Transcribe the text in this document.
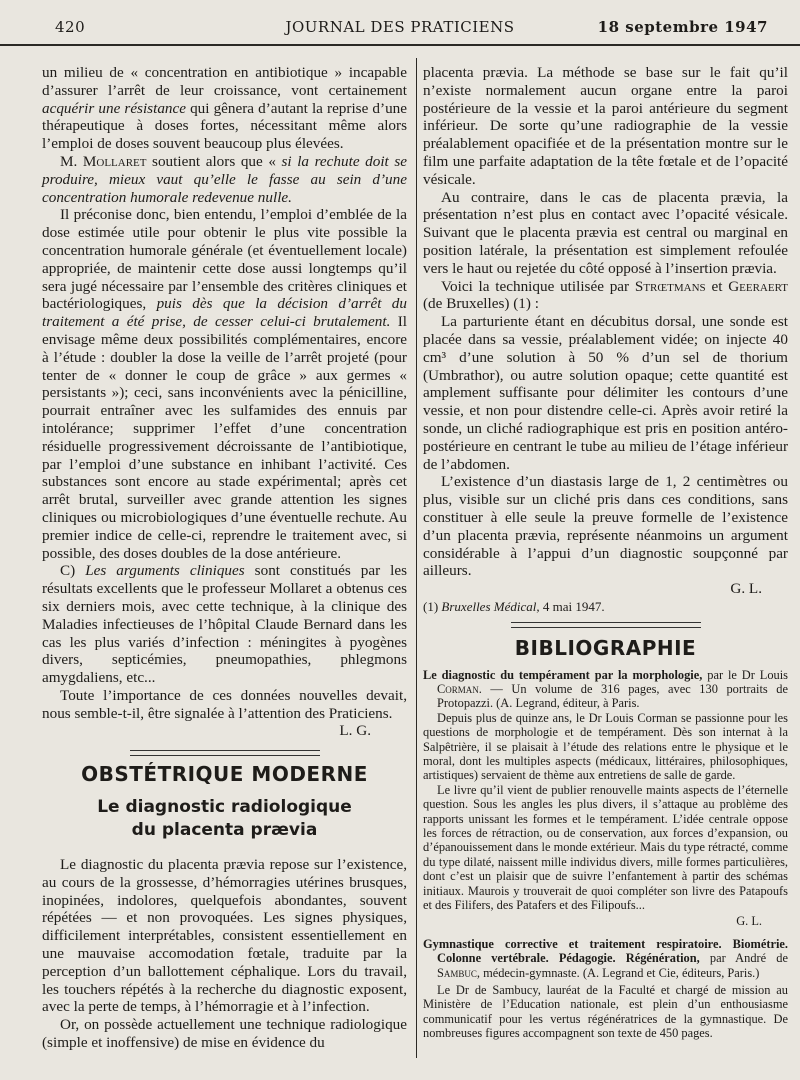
420	JOURNAL DES PRATICIENS	18 septembre 1947

un milieu de « concentration en antibiotique » incapable d’assurer l’arrêt de leur croissance, vont certainement acquérir une résistance qui gênera d’autant la reprise d’une thérapeutique à doses fortes, nécessitant même alors l’emploi de doses souvent beaucoup plus élevées.

M. Mollaret soutient alors que « si la rechute doit se produire, mieux vaut qu’elle le fasse au sein d’une concentration humorale redevenue nulle.

Il préconise donc, bien entendu, l’emploi d’emblée de la dose estimée utile pour obtenir le plus vite possible la concentration humorale générale (et éventuellement locale) appropriée, de maintenir cette dose aussi longtemps qu’il sera jugé nécessaire par l’ensemble des critères cliniques et bactériologiques, puis dès que la décision d’arrêt du traitement a été prise, de cesser celui-ci brutalement. Il envisage même deux possibilités complémentaires, encore à l’étude : doubler la dose la veille de l’arrêt projeté (pour tenter de « donner le coup de grâce » aux germes « persistants »); ceci, sans inconvénients avec la pénicilline, pourrait entraîner avec les sulfamides des ennuis par intolérance; supprimer l’effet d’une concentration résiduelle progressivement décroissante de l’antibiotique, par l’emploi d’une substance en inhibant l’activité. Ces substances sont encore au stade expérimental; après cet arrêt brutal, surveiller avec grande attention les signes cliniques ou microbiologiques d’une éventuelle rechute. Au premier indice de celle-ci, reprendre le traitement avec, si possible, des doses doubles de la dose antérieure.

C) Les arguments cliniques sont constitués par les résultats excellents que le professeur Mollaret a obtenus ces six derniers mois, avec cette technique, à la clinique des Maladies infectieuses de l’hôpital Claude Bernard dans les cas les plus variés d’infection : méningites à pyogènes divers, septicémies, pneumopathies, phlegmons amygdaliens, etc...

Toute l’importance de ces données nouvelles devait, nous semble-t-il, être signalée à l’attention des Praticiens.

L. G.

OBSTÉTRIQUE MODERNE
Le diagnostic radiologique
du placenta prævia

Le diagnostic du placenta prævia repose sur l’existence, au cours de la grossesse, d’hémorragies utérines brusques, inopinées, indolores, quelquefois abondantes, souvent répétées — et non provoquées. Les signes physiques, difficilement interprétables, consistent essentiellement en une mauvaise accomodation fœtale, traduite par la perception d’un ballottement céphalique. Lors du travail, les touchers répétés à la recherche du diagnostic exposent, avec la perte de temps, à l’hémorragie et à l’infection.

Or, on possède actuellement une technique radiologique (simple et inoffensive) de mise en évidence du

placenta prævia. La méthode se base sur le fait qu’il n’existe normalement aucun organe entre la paroi postérieure de la vessie et la paroi antérieure du segment inférieur. De sorte qu’une radiographie de la vessie préalablement opacifiée et de la présentation montre sur le film une parfaite adaptation de la tête fœtale et de l’opacité vésicale.

Au contraire, dans le cas de placenta prævia, la présentation n’est plus en contact avec l’opacité vésicale. Suivant que le placenta prævia est central ou marginal en position latérale, la présentation est simplement refoulée vers le haut ou rejetée du côté opposé à l’insertion prævia.

Voici la technique utilisée par Strœtmans et Geeraert (de Bruxelles) (1) :

La parturiente étant en décubitus dorsal, une sonde est placée dans sa vessie, préalablement vidée; on injecte 40 cm³ d’une solution à 50 % d’un sel de thorium (Umbrathor), ou autre solution opaque; cette quantité est amplement suffisante pour délimiter les contours d’une vessie, et non pour distendre celle-ci. Après avoir retiré la sonde, un cliché radiographique est pris en position antéro-postérieure en centrant le tube au milieu de l’étage inférieur de l’abdomen.

L’existence d’un diastasis large de 1, 2 centimètres ou plus, visible sur un cliché pris dans ces conditions, sans constituer à elle seule la preuve formelle de l’existence d’un placenta prævia, représente néanmoins un argument considérable à l’appui d’un diagnostic soupçonné par ailleurs.

G. L.

(1) Bruxelles Médical, 4 mai 1947.

BIBLIOGRAPHIE

Le diagnostic du tempérament par la morphologie, par le Dr Louis Corman. — Un volume de 316 pages, avec 130 portraits de Protopazzi. (A. Legrand, éditeur, à Paris.

Depuis plus de quinze ans, le Dr Louis Corman se passionne pour les questions de morphologie et de tempérament. Dès son internat à la Salpêtrière, il se plaisait à l’étude des relations entre le physique et le moral, dont les multiples aspects (médicaux, littéraires, philosophiques, artistiques) servaient de thème aux entretiens de salle de garde.

Le livre qu’il vient de publier renouvelle maints aspects de l’éternelle question. Sous les angles les plus divers, il s’attaque au problème des rapports unissant les formes et le tempérament. L’idée centrale oppose les forces de rétraction, ou de conservation, aux forces d’expansion, ou d’épanouissement dans le monde extérieur. Mais du type rétracté, comme du type dilaté, naissent mille individus divers, mille formes particulières, dont c’est un plaisir que de suivre l’enfantement à partir des schémas initiaux. Maurois y trouverait de quoi compléter son livre des Patapoufs et des Filifers, des Patafers et des Filipoufs...

G. L.

Gymnastique corrective et traitement respiratoire. Biométrie. Colonne vertébrale. Pédagogie. Régénération, par André de Sambuc, médecin-gymnaste. (A. Legrand et Cie, éditeurs, Paris.)

Le Dr de Sambucy, lauréat de la Faculté et chargé de mission au Ministère de l’Education nationale, est plein d’un enthousiasme communicatif pour les vertus régénératrices de la gymnastique. De nombreuses figures accompagnent son texte de 450 pages.
